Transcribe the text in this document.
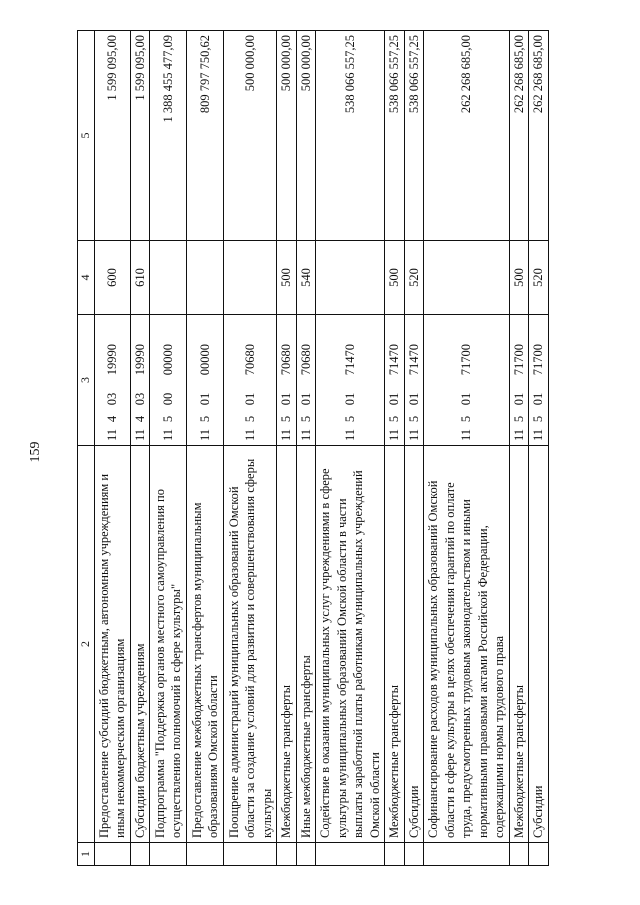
159
1	2	3	4	5
	Предоставление субсидий бюджетным, автономным учреждениям и иным некоммерческим организациям	1140319990	600	1 599 095,00
	Субсидии бюджетным учреждениям	1140319990	610	1 599 095,00
	Подпрограмма "Поддержка органов местного самоуправления по осуществлению полномочий в сфере культуры"	1150000000		1 388 455 477,09
	Предоставление межбюджетных трансфертов муниципальным образованиям Омской области	1150100000		809 797 750,62
	Поощрение администраций муниципальных образований Омской области за создание условий для развития и совершенствования сферы культуры	1150170680		500 000,00
	Межбюджетные трансферты	1150170680	500	500 000,00
	Иные межбюджетные трансферты	1150170680	540	500 000,00
	Содействие в оказании муниципальных услуг учреждениями в сфере культуры муниципальных образований Омской области в части выплаты заработной платы работникам муниципальных учреждений Омской области	1150171470		538 066 557,25
	Межбюджетные трансферты	1150171470	500	538 066 557,25
	Субсидии	1150171470	520	538 066 557,25
	Софинансирование расходов муниципальных образований Омской области в сфере культуры в целях обеспечения гарантий по оплате труда, предусмотренных трудовым законодательством и иными нормативными правовыми актами Российской Федерации, содержащими нормы трудового права	1150171700		262 268 685,00
	Межбюджетные трансферты	1150171700	500	262 268 685,00
	Субсидии	1150171700	520	262 268 685,00
